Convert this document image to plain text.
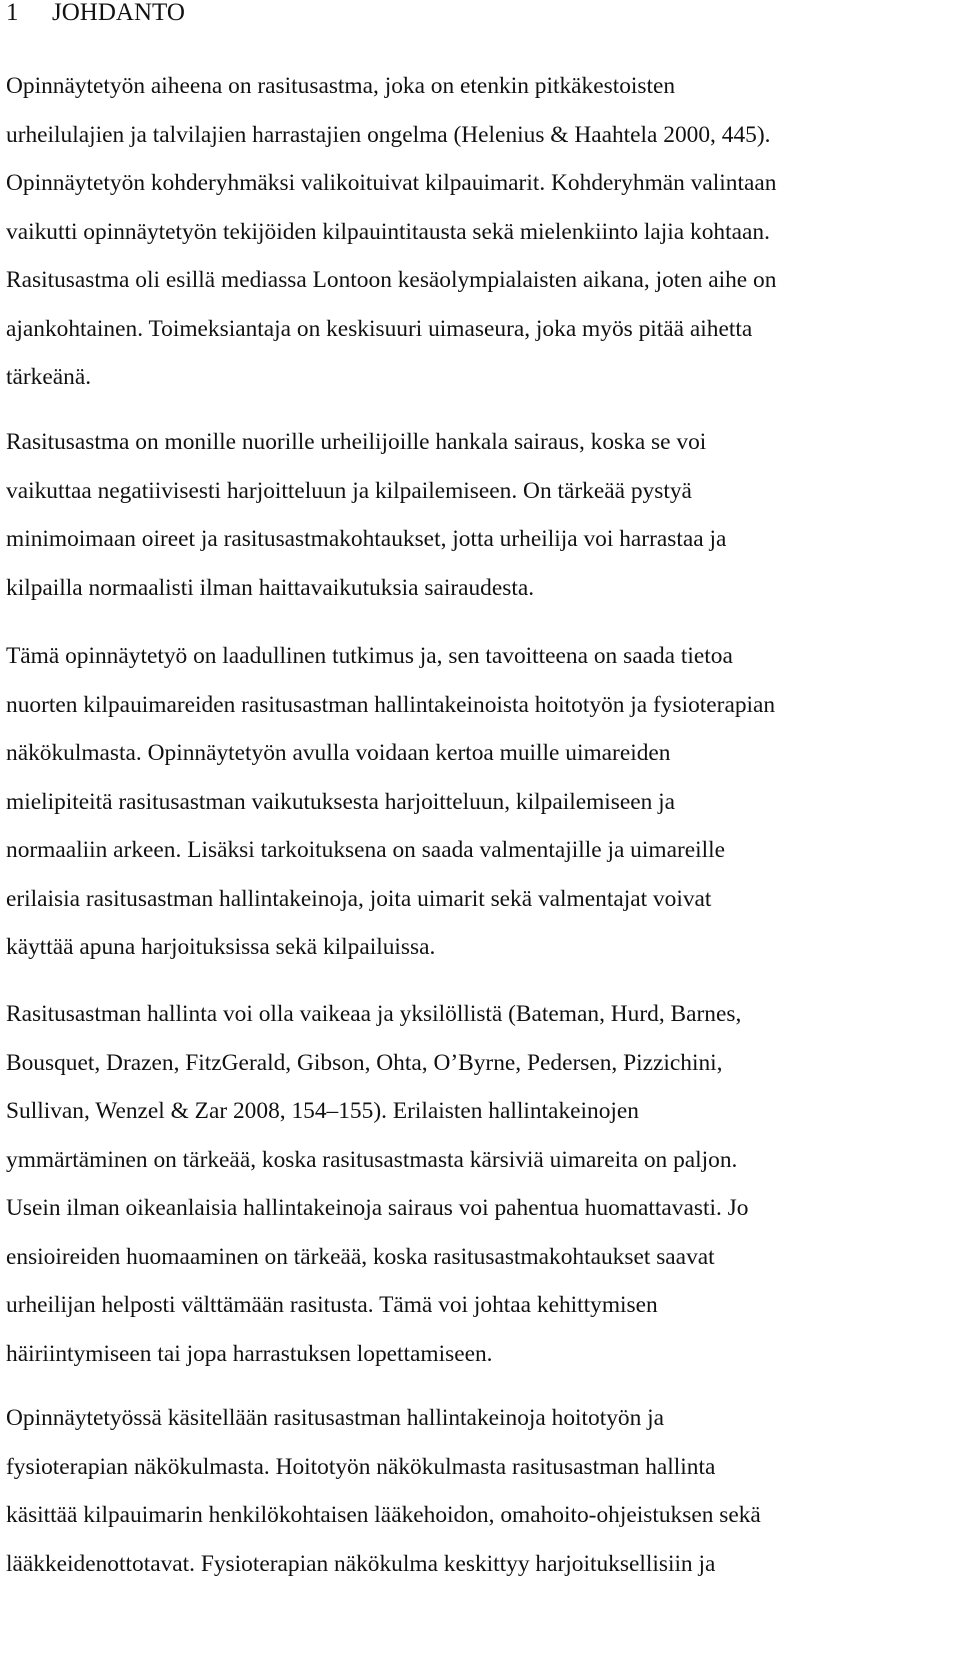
1 JOHDANTO

Opinnäytetyön aiheena on rasitusastma, joka on etenkin pitkäkestoisten
urheilulajien ja talvilajien harrastajien ongelma (Helenius & Haahtela 2000, 445).
Opinnäytetyön kohderyhmäksi valikoituivat kilpauimarit. Kohderyhmän valintaan
vaikutti opinnäytetyön tekijöiden kilpauintitausta sekä mielenkiinto lajia kohtaan.
Rasitusastma oli esillä mediassa Lontoon kesäolympialaisten aikana, joten aihe on
ajankohtainen. Toimeksiantaja on keskisuuri uimaseura, joka myös pitää aihetta
tärkeänä.

Rasitusastma on monille nuorille urheilijoille hankala sairaus, koska se voi
vaikuttaa negatiivisesti harjoitteluun ja kilpailemiseen. On tärkeää pystyä
minimoimaan oireet ja rasitusastmakohtaukset, jotta urheilija voi harrastaa ja
kilpailla normaalisti ilman haittavaikutuksia sairaudesta.

Tämä opinnäytetyö on laadullinen tutkimus ja, sen tavoitteena on saada tietoa
nuorten kilpauimareiden rasitusastman hallintakeinoista hoitotyön ja fysioterapian
näkökulmasta. Opinnäytetyön avulla voidaan kertoa muille uimareiden
mielipiteitä rasitusastman vaikutuksesta harjoitteluun, kilpailemiseen ja
normaaliin arkeen. Lisäksi tarkoituksena on saada valmentajille ja uimareille
erilaisia rasitusastman hallintakeinoja, joita uimarit sekä valmentajat voivat
käyttää apuna harjoituksissa sekä kilpailuissa.

Rasitusastman hallinta voi olla vaikeaa ja yksilöllistä (Bateman, Hurd, Barnes,
Bousquet, Drazen, FitzGerald, Gibson, Ohta, O’Byrne, Pedersen, Pizzichini,
Sullivan, Wenzel & Zar 2008, 154–155). Erilaisten hallintakeinojen
ymmärtäminen on tärkeää, koska rasitusastmasta kärsiviä uimareita on paljon.
Usein ilman oikeanlaisia hallintakeinoja sairaus voi pahentua huomattavasti. Jo
ensioireiden huomaaminen on tärkeää, koska rasitusastmakohtaukset saavat
urheilijan helposti välttämään rasitusta. Tämä voi johtaa kehittymisen
häiriintymiseen tai jopa harrastuksen lopettamiseen.

Opinnäytetyössä käsitellään rasitusastman hallintakeinoja hoitotyön ja
fysioterapian näkökulmasta. Hoitotyön näkökulmasta rasitusastman hallinta
käsittää kilpauimarin henkilökohtaisen lääkehoidon, omahoito-ohjeistuksen sekä
lääkkeidenottotavat. Fysioterapian näkökulma keskittyy harjoituksellisiin ja
